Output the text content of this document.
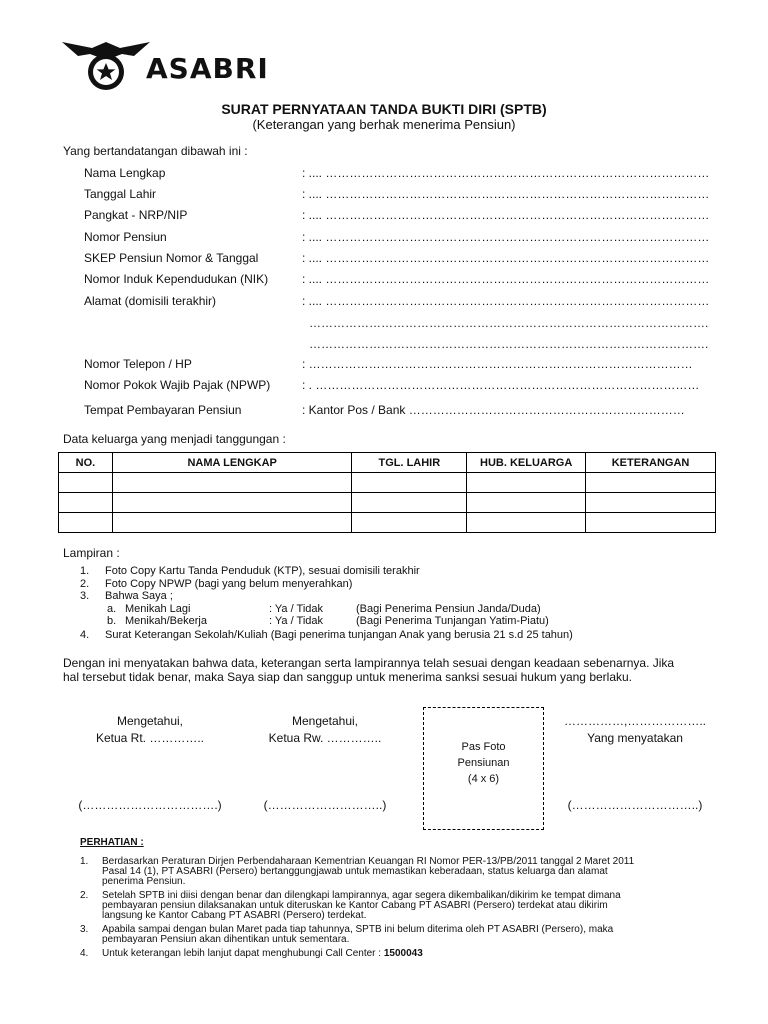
ASABRI
SURAT PERNYATAAN TANDA BUKTI DIRI (SPTB)
(Keterangan yang berhak menerima Pensiun)
Yang bertandatangan dibawah ini :
Nama Lengkap	: .... ……………………………………………………………………………………
Tanggal Lahir	: .... ……………………………………………………………………………………
Pangkat - NRP/NIP	: .... ……………………………………………………………………………………
Nomor Pensiun	: .... ……………………………………………………………………………………
SKEP Pensiun Nomor & Tanggal	: .... ……………………………………………………………………………………
Nomor Induk Kependudukan (NIK)	: .... ……………………………………………………………………………………
Alamat (domisili terakhir)	: .... ……………………………………………………………………………………
……………………………………………………………………………………….
……………………………………………………………………………………….
Nomor Telepon / HP	: ……………………………………………………………………………………
Nomor Pokok Wajib Pajak (NPWP)	: . ……………………………………………………………………………………
Tempat Pembayaran Pensiun	: Kantor Pos / Bank ……………………………………………………………
Data keluarga yang menjadi tanggungan :
NO.	NAMA LENGKAP	TGL. LAHIR	HUB. KELUARGA	KETERANGAN

Lampiran :
1. Foto Copy Kartu Tanda Penduduk (KTP), sesuai domisili terakhir
2. Foto Copy NPWP (bagi yang belum menyerahkan)
3. Bahwa Saya ;
a. Menikah Lagi	: Ya / Tidak	(Bagi Penerima Pensiun Janda/Duda)
b. Menikah/Bekerja	: Ya / Tidak	(Bagi Penerima Tunjangan Yatim-Piatu)
4. Surat Keterangan Sekolah/Kuliah (Bagi penerima tunjangan Anak yang berusia 21 s.d 25 tahun)
Dengan ini menyatakan bahwa data, keterangan serta lampirannya telah sesuai dengan keadaan sebenarnya. Jika
hal tersebut tidak benar, maka Saya siap dan sanggup untuk menerima sanksi sesuai hukum yang berlaku.
Mengetahui,
Ketua Rt. …………..
(…………………………….)
Mengetahui,
Ketua Rw. …………..
(………………………..)
Pas Foto
Pensiunan
(4 x 6)
……………,………………..
Yang menyatakan
(…………………………..)
PERHATIAN :
1. Berdasarkan Peraturan Dirjen Perbendaharaan Kementrian Keuangan RI Nomor PER-13/PB/2011 tanggal 2 Maret 2011
Pasal 14 (1), PT ASABRI (Persero) bertanggungjawab untuk memastikan keberadaan, status keluarga dan alamat
penerima Pensiun.
2. Setelah SPTB ini diisi dengan benar dan dilengkapi lampirannya, agar segera dikembalikan/dikirim ke tempat dimana
pembayaran pensiun dilaksanakan untuk diteruskan ke Kantor Cabang PT ASABRI (Persero) terdekat atau dikirim
langsung ke Kantor Cabang PT ASABRI (Persero) terdekat.
3. Apabila sampai dengan bulan Maret pada tiap tahunnya, SPTB ini belum diterima oleh PT ASABRI (Persero), maka
pembayaran Pensiun akan dihentikan untuk sementara.
4. Untuk keterangan lebih lanjut dapat menghubungi Call Center : 1500043
